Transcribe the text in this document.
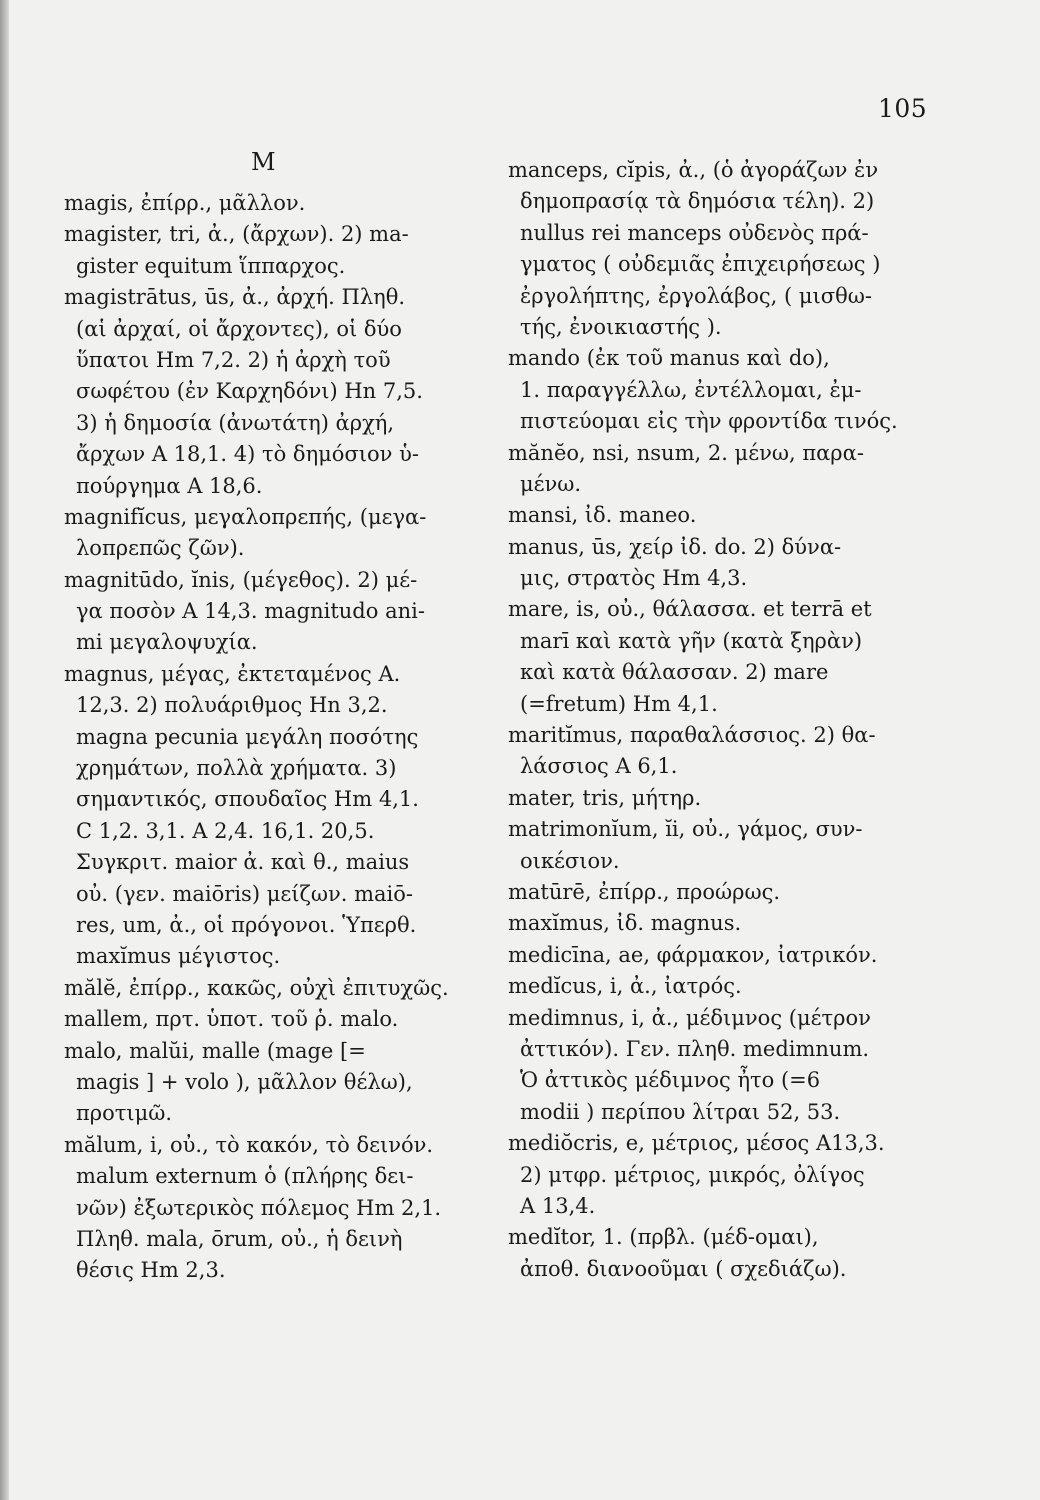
105
M
magis, ἐπίρρ., μᾶλλον.
magister, tri, ἀ., (ἄρχων). 2) ma-
gister equitum ἵππαρχος.
magistrātus, ūs, ἀ., ἀρχή. Πληθ.
(αἱ ἀρχαί, οἱ ἄρχοντες), οἱ δύο
ὕπατοι Hm 7,2. 2) ἡ ἀρχὴ τοῦ
σωφέτου (ἐν Καρχηδόνι) Hn 7,5.
3) ἡ δημοσία (ἀνωτάτη) ἀρχή,
ἄρχων A 18,1. 4) τὸ δημόσιον ὑ-
πούργημα A 18,6.
magnifĭcus, μεγαλοπρεπής, (μεγα-
λοπρεπῶς ζῶν).
magnitūdo, ĭnis, (μέγεθος). 2) μέ-
γα ποσὸν A 14,3. magnitudo ani-
mi μεγαλοψυχία.
magnus, μέγας, ἐκτεταμένος A.
12,3. 2) πολυάριθμος Hn 3,2.
magna pecunia μεγάλη ποσότης
χρημάτων, πολλὰ χρήματα. 3)
σημαντικός, σπουδαῖος Hm 4,1.
C 1,2. 3,1. A 2,4. 16,1. 20,5.
Συγκριτ. maior ἀ. καὶ θ., maius
οὐ. (γεν. maiōris) μείζων. maiō-
res, um, ἀ., οἱ πρόγονοι. Ὑπερθ.
maxĭmus μέγιστος.
mălĕ, ἐπίρρ., κακῶς, οὐχὶ ἐπιτυχῶς.
mallem, πρτ. ὑποτ. τοῦ ῥ. malo.
malo, malŭi, malle (mage [=
magis ] + volo ), μᾶλλον θέλω),
προτιμῶ.
mălum, i, οὐ., τὸ κακόν, τὸ δεινόν.
malum externum ὁ (πλήρης δει-
νῶν) ἐξωτερικὸς πόλεμος Hm 2,1.
Πληθ. mala, ōrum, οὐ., ἡ δεινὴ
θέσις Hm 2,3.
manceps, cĭpis, ἀ., (ὁ ἀγοράζων ἐν
δημοπρασίᾳ τὰ δημόσια τέλη). 2)
nullus rei manceps οὐδενὸς πρά-
γματος ( οὐδεμιᾶς ἐπιχειρήσεως )
ἐργολήπτης, ἐργολάβος, ( μισθω-
τής, ἐνοικιαστής ).
mando (ἐκ τοῦ manus καὶ do),
1. παραγγέλλω, ἐντέλλομαι, ἐμ-
πιστεύομαι εἰς τὴν φροντίδα τινός.
mănĕo, nsi, nsum, 2. μένω, παρα-
μένω.
mansi, ἰδ. maneo.
manus, ūs, χείρ ἰδ. do. 2) δύνα-
μις, στρατὸς Hm 4,3.
mare, is, οὐ., θάλασσα. et terrā et
marī καὶ κατὰ γῆν (κατὰ ξηρὰν)
καὶ κατὰ θάλασσαν. 2) mare
(=fretum) Hm 4,1.
maritĭmus, παραθαλάσσιος. 2) θα-
λάσσιος A 6,1.
mater, tris, μήτηρ.
matrimonĭum, ĭi, οὐ., γάμος, συν-
οικέσιον.
matūrē, ἐπίρρ., προώρως.
maxĭmus, ἰδ. magnus.
medicīna, ae, φάρμακον, ἰατρικόν.
medĭcus, i, ἀ., ἰατρός.
medimnus, i, ἀ., μέδιμνος (μέτρον
ἀττικόν). Γεν. πληθ. medimnum.
Ὁ ἀττικὸς μέδιμνος ἦτο (=6
modii ) περίπου λίτραι 52, 53.
mediŏcris, e, μέτριος, μέσος A13,3.
2) μτφρ. μέτριος, μικρός, ὀλίγος
A 13,4.
medĭtor, 1. (πρβλ. (μέδ-ομαι),
ἀποθ. διανοοῦμαι ( σχεδιάζω).
